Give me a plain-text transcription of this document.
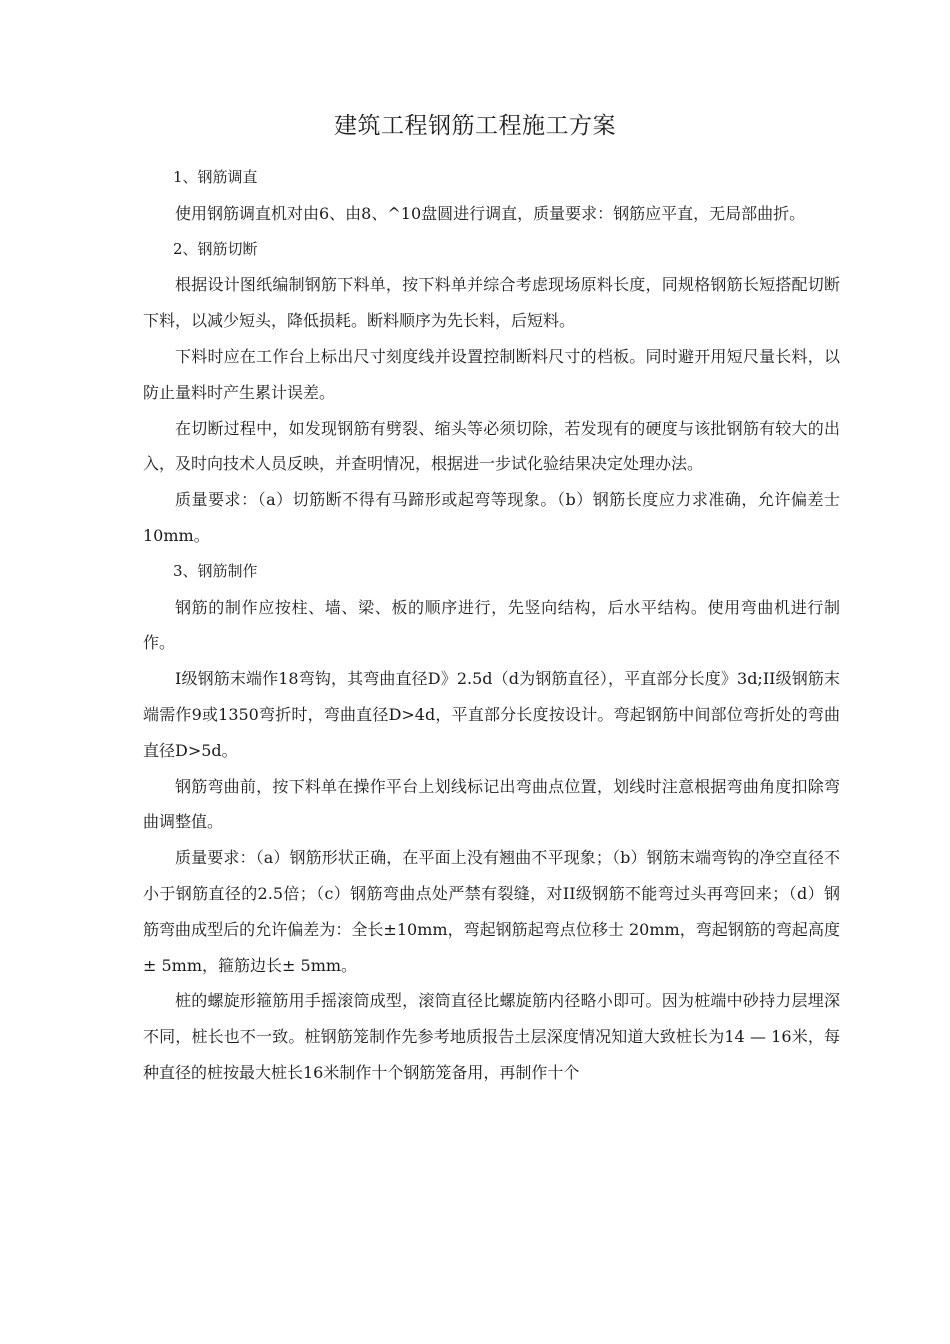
建筑工程钢筋工程施工方案

1、钢筋调直

使用钢筋调直机对由6、由8、^10盘圆进行调直，质量要求：钢筋应平直，无局部曲折。

2、钢筋切断

根据设计图纸编制钢筋下料单，按下料单并综合考虑现场原料长度，同规格钢筋长短搭配切断下料，以减少短头，降低损耗。断料顺序为先长料，后短料。

下料时应在工作台上标出尺寸刻度线并设置控制断料尺寸的档板。同时避开用短尺量长料，以防止量料时产生累计误差。

在切断过程中，如发现钢筋有劈裂、缩头等必须切除，若发现有的硬度与该批钢筋有较大的出入，及时向技术人员反映，并查明情况，根据进一步试化验结果决定处理办法。

质量要求：（a）切筋断不得有马蹄形或起弯等现象。（b）钢筋长度应力求准确，允许偏差士 10mm。

3、钢筋制作

钢筋的制作应按柱、墙、梁、板的顺序进行，先竖向结构，后水平结构。使用弯曲机进行制作。

I级钢筋末端作18弯钩，其弯曲直径D》2.5d（d为钢筋直径），平直部分长度》3d;II级钢筋末端需作9或1350弯折时，弯曲直径D>4d，平直部分长度按设计。弯起钢筋中间部位弯折处的弯曲直径D>5d。

钢筋弯曲前，按下料单在操作平台上划线标记出弯曲点位置，划线时注意根据弯曲角度扣除弯曲调整值。

质量要求：（a）钢筋形状正确，在平面上没有翘曲不平现象；（b）钢筋末端弯钩的净空直径不小于钢筋直径的2.5倍；（c）钢筋弯曲点处严禁有裂缝，对II级钢筋不能弯过头再弯回来；（d）钢筋弯曲成型后的允许偏差为：全长±10mm，弯起钢筋起弯点位移士 20mm，弯起钢筋的弯起高度± 5mm，箍筋边长± 5mm。

桩的螺旋形箍筋用手摇滚筒成型，滚筒直径比螺旋筋内径略小即可。因为桩端中砂持力层埋深不同，桩长也不一致。桩钢筋笼制作先参考地质报告土层深度情况知道大致桩长为14 — 16米，每种直径的桩按最大桩长16米制作十个钢筋笼备用，再制作十个
